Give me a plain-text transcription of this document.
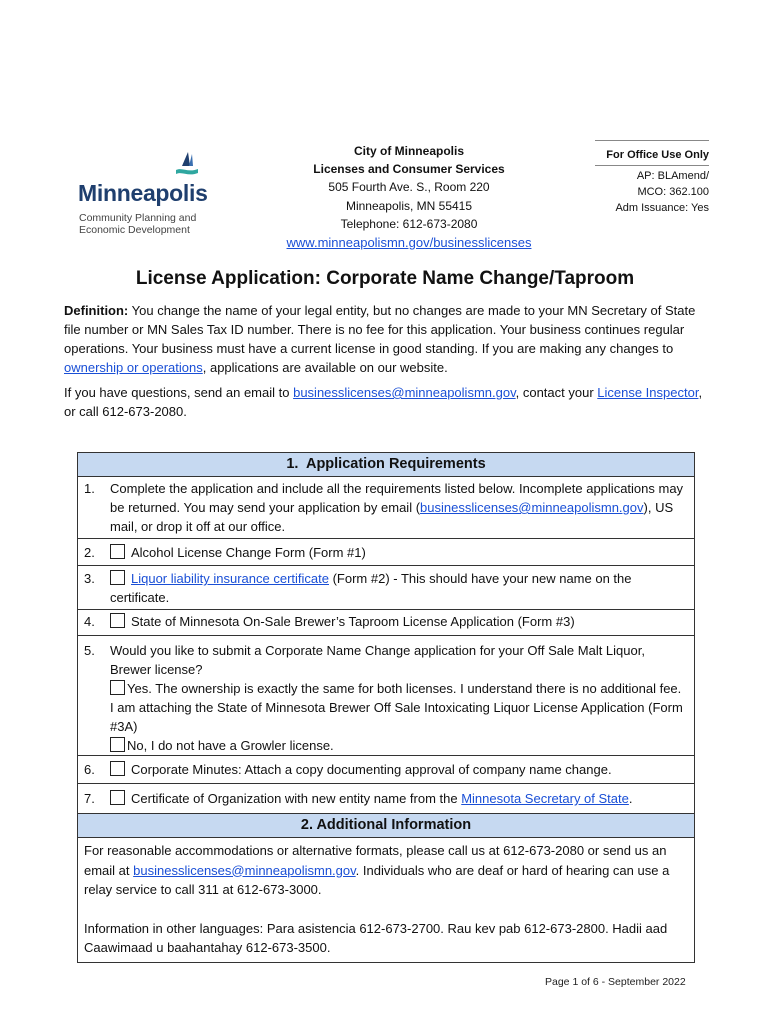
Minneapolis
Community Planning and
Economic Development
City of Minneapolis
Licenses and Consumer Services
505 Fourth Ave. S., Room 220
Minneapolis, MN 55415
Telephone: 612-673-2080
www.minneapolismn.gov/businesslicenses
For Office Use Only
AP: BLAmend/
MCO: 362.100
Adm Issuance: Yes
License Application: Corporate Name Change/Taproom
Definition: You change the name of your legal entity, but no changes are made to your MN Secretary of State file number or MN Sales Tax ID number. There is no fee for this application. Your business continues regular operations. Your business must have a current license in good standing. If you are making any changes to ownership or operations, applications are available on our website.
If you have questions, send an email to businesslicenses@minneapolismn.gov, contact your License Inspector, or call 612-673-2080.
1. Application Requirements
1. Complete the application and include all the requirements listed below. Incomplete applications may be returned. You may send your application by email (businesslicenses@minneapolismn.gov), US mail, or drop it off at our office.
2.	Alcohol License Change Form (Form #1)
3.	Liquor liability insurance certificate (Form #2) - This should have your new name on the certificate.
4.	State of Minnesota On-Sale Brewer’s Taproom License Application (Form #3)
5. Would you like to submit a Corporate Name Change application for your Off Sale Malt Liquor, Brewer license?
Yes. The ownership is exactly the same for both licenses. I understand there is no additional fee. I am attaching the State of Minnesota Brewer Off Sale Intoxicating Liquor License Application (Form #3A)
No, I do not have a Growler license.
6.	Corporate Minutes: Attach a copy documenting approval of company name change.
7.	Certificate of Organization with new entity name from the Minnesota Secretary of State.
2. Additional Information
For reasonable accommodations or alternative formats, please call us at 612-673-2080 or send us an email at businesslicenses@minneapolismn.gov. Individuals who are deaf or hard of hearing can use a relay service to call 311 at 612-673-3000.
Information in other languages: Para asistencia 612-673-2700. Rau kev pab 612-673-2800. Hadii aad Caawimaad u baahantahay 612-673-3500.
Page 1 of 6 - September 2022
